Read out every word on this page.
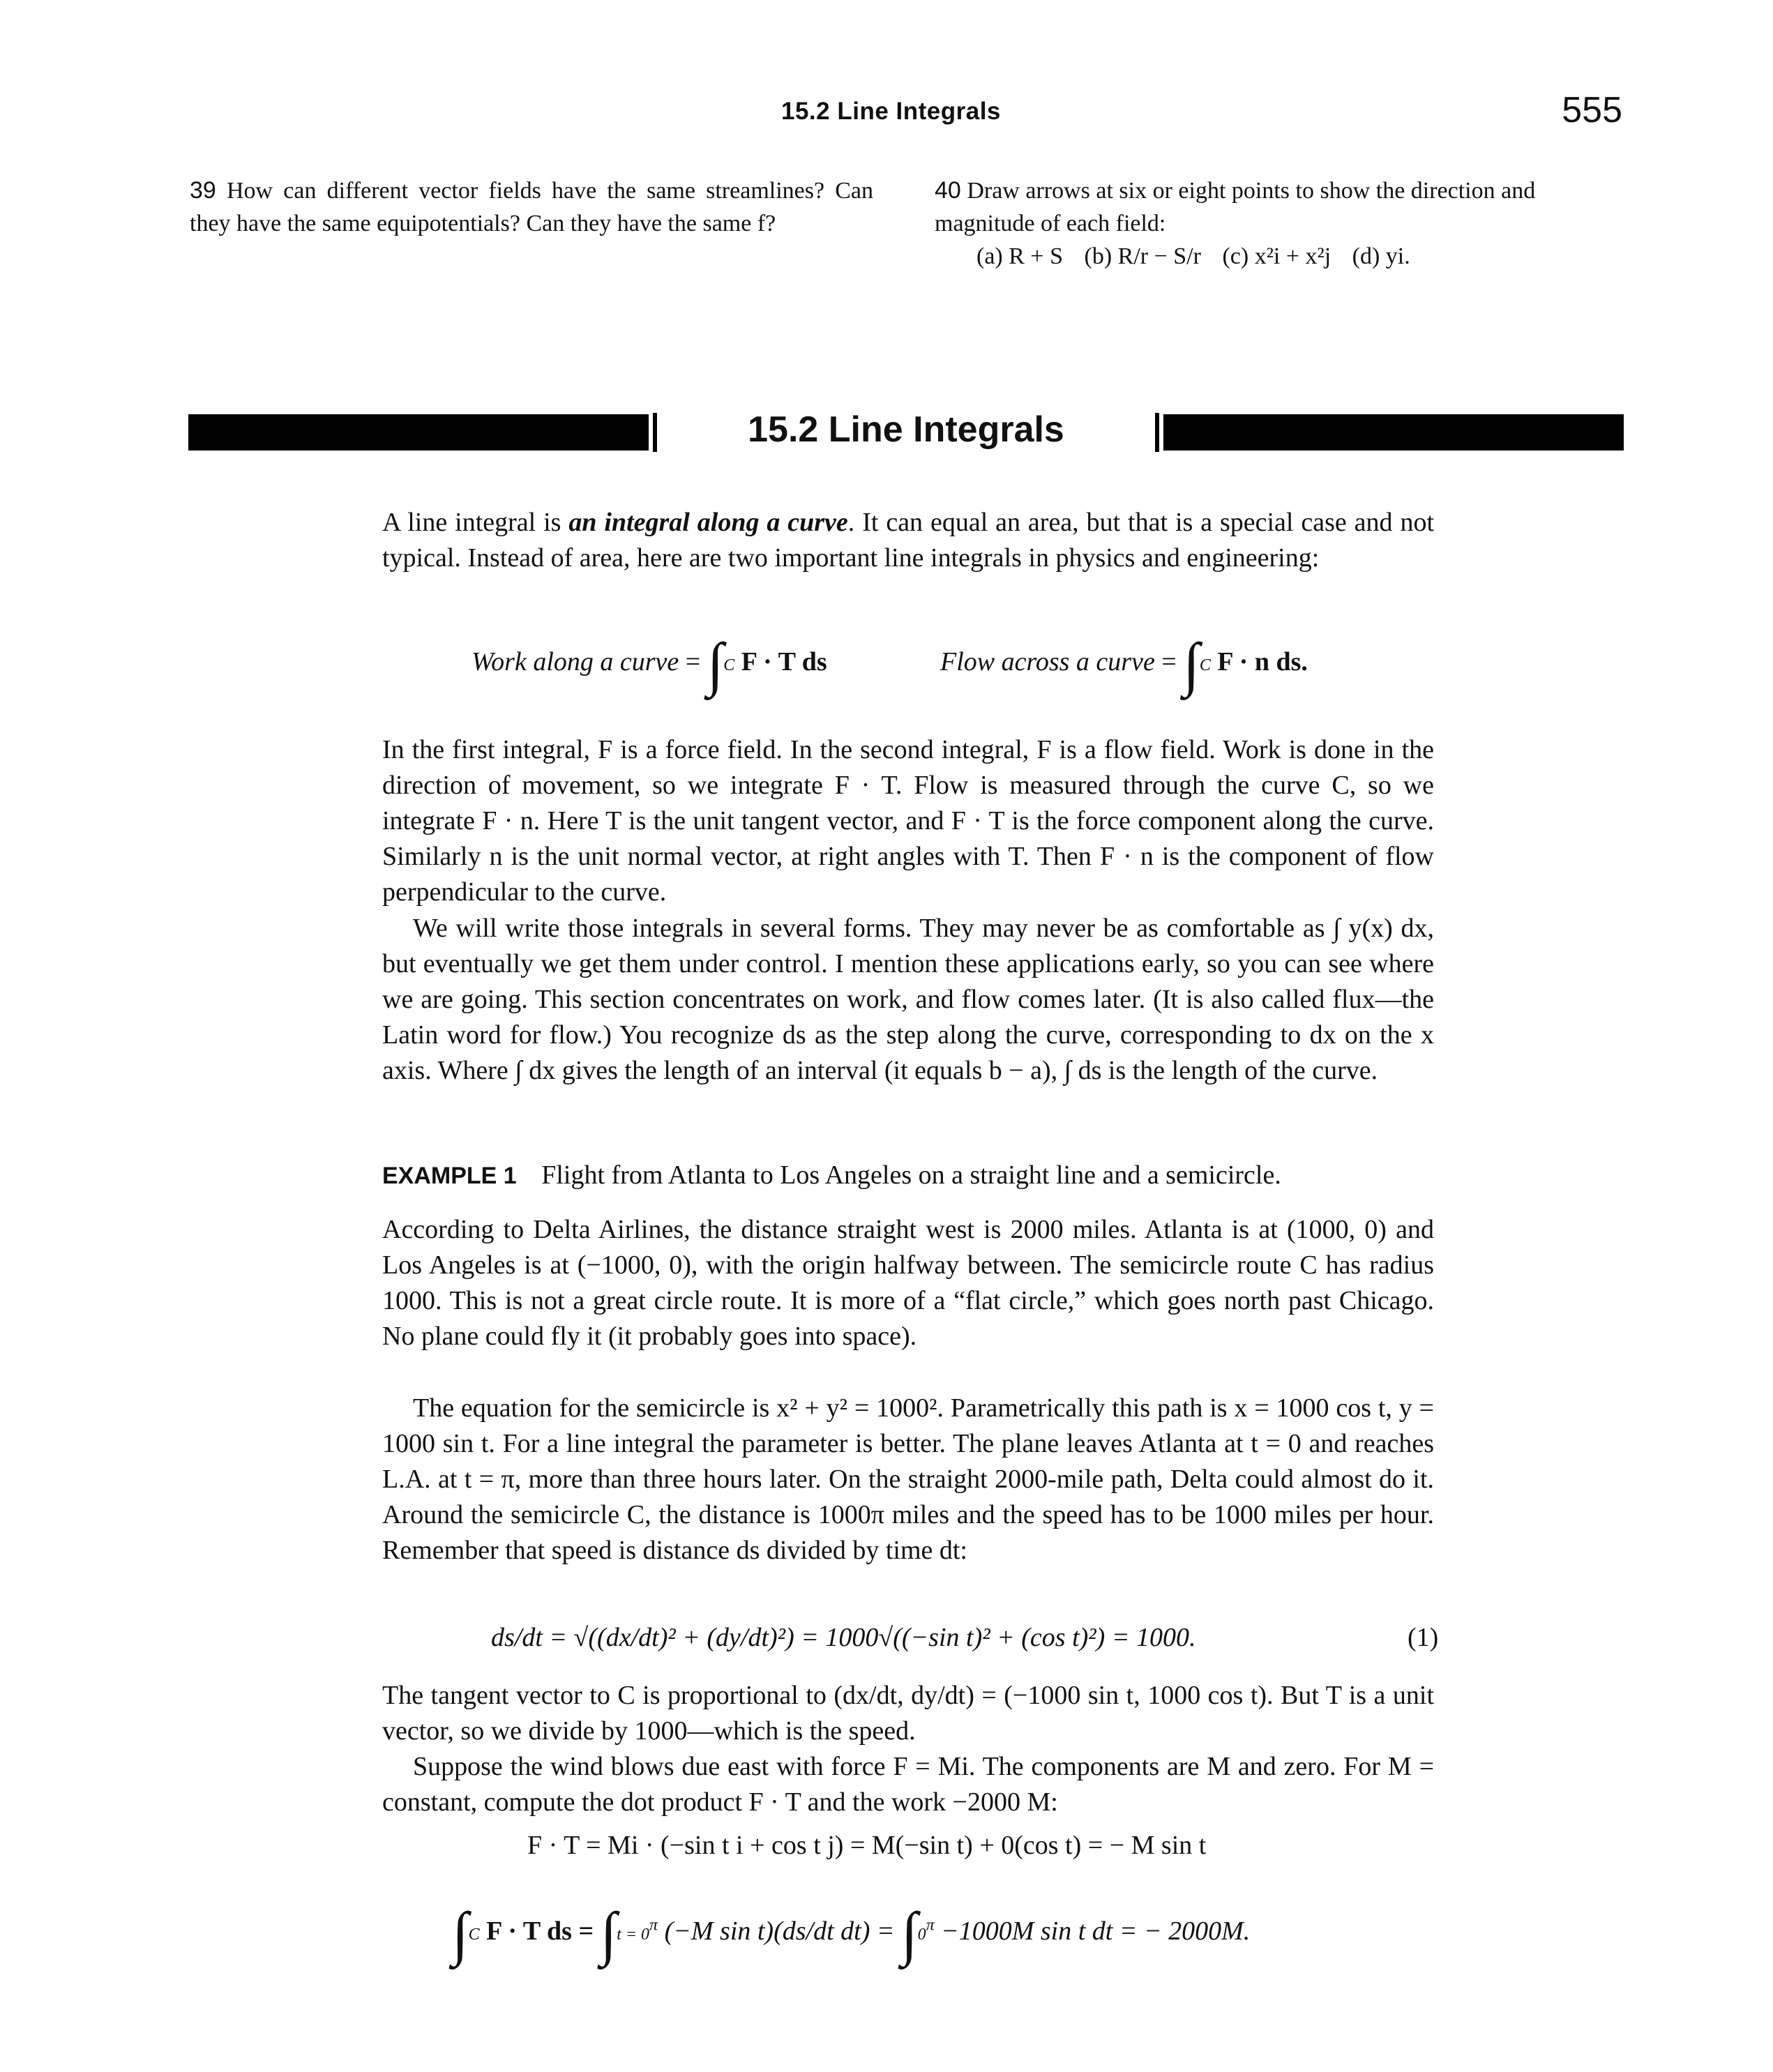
15.2 Line Integrals	555
39 How can different vector fields have the same streamlines? Can they have the same equipotentials? Can they have the same f?
40 Draw arrows at six or eight points to show the direction and magnitude of each field:
(a) R + S (b) R/r − S/r (c) x²i + x²j (d) yi.
15.2 Line Integrals

A line integral is an integral along a curve. It can equal an area, but that is a special case and not typical. Instead of area, here are two important line integrals in physics and engineering:

Work along a curve = ∫C F · T ds	Flow across a curve = ∫C F · n ds.

In the first integral, F is a force field. In the second integral, F is a flow field. Work is done in the direction of movement, so we integrate F · T. Flow is measured through the curve C, so we integrate F · n. Here T is the unit tangent vector, and F · T is the force component along the curve. Similarly n is the unit normal vector, at right angles with T. Then F · n is the component of flow perpendicular to the curve.

We will write those integrals in several forms. They may never be as comfortable as ∫ y(x) dx, but eventually we get them under control. I mention these applications early, so you can see where we are going. This section concentrates on work, and flow comes later. (It is also called flux—the Latin word for flow.) You recognize ds as the step along the curve, corresponding to dx on the x axis. Where ∫ dx gives the length of an interval (it equals b − a), ∫ ds is the length of the curve.

EXAMPLE 1 Flight from Atlanta to Los Angeles on a straight line and a semicircle.

According to Delta Airlines, the distance straight west is 2000 miles. Atlanta is at (1000, 0) and Los Angeles is at (−1000, 0), with the origin halfway between. The semicircle route C has radius 1000. This is not a great circle route. It is more of a “flat circle,” which goes north past Chicago. No plane could fly it (it probably goes into space).

The equation for the semicircle is x² + y² = 1000². Parametrically this path is x = 1000 cos t, y = 1000 sin t. For a line integral the parameter is better. The plane leaves Atlanta at t = 0 and reaches L.A. at t = π, more than three hours later. On the straight 2000-mile path, Delta could almost do it. Around the semicircle C, the distance is 1000π miles and the speed has to be 1000 miles per hour. Remember that speed is distance ds divided by time dt:

ds/dt = √((dx/dt)² + (dy/dt)²) = 1000√((−sin t)² + (cos t)²) = 1000.	(1)

The tangent vector to C is proportional to (dx/dt, dy/dt) = (−1000 sin t, 1000 cos t). But T is a unit vector, so we divide by 1000—which is the speed.

Suppose the wind blows due east with force F = Mi. The components are M and zero. For M = constant, compute the dot product F · T and the work −2000 M:

F · T = Mi · (−sin t i + cos t j) = M(−sin t) + 0(cos t) = − M sin t
∫C F · T ds = $\int t = 0^\pi$ (−M sin t)(ds/dt $dt) = \int 0^\pi -1000M$ sin t dt = − 2000M.
